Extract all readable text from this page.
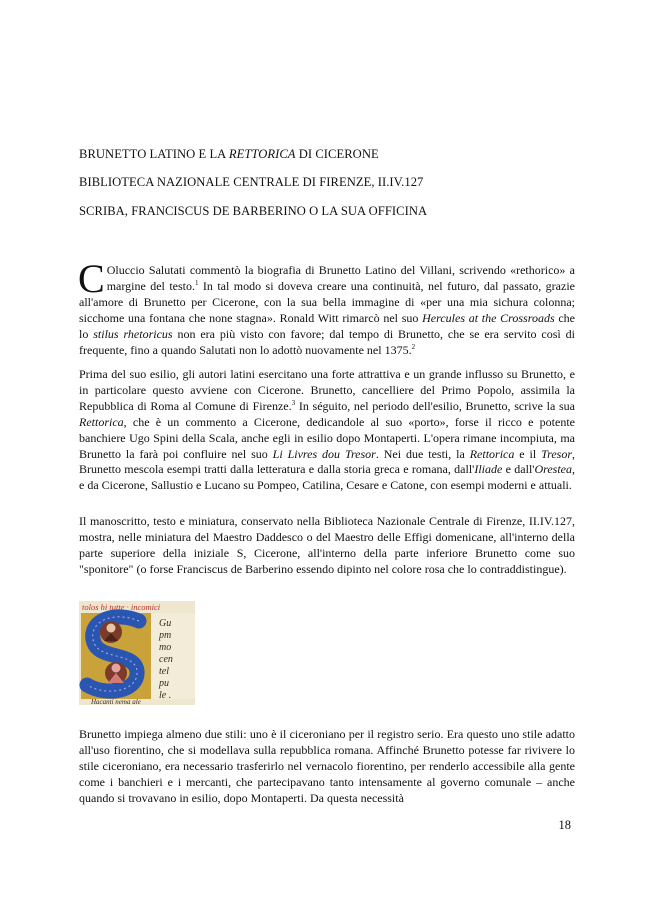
BRUNETTO LATINO E LA RETTORICA DI CICERONE
BIBLIOTECA NAZIONALE CENTRALE DI FIRENZE, II.IV.127
SCRIBA, FRANCISCUS DE BARBERINO O LA SUA OFFICINA
C Oluccio Salutati commentò la biografia di Brunetto Latino del Villani, scrivendo «rethorico» a margine del testo.$^1$ In tal modo si doveva creare una continuità, nel futuro, dal passato, grazie all'amore di Brunetto per Cicerone, con la sua bella immagine di «per una mia sichura colonna; sicchome una fontana che none stagna». Ronald Witt rimarcò nel suo Hercules at the Crossroads che lo stilus rhetoricus non era più visto con favore; dal tempo di Brunetto, che se era servito così di frequente, fino a quando Salutati non lo adottò nuovamente nel 1375.$^2$
Prima del suo esilio, gli autori latini esercitano una forte attrattiva e un grande influsso su Brunetto, e in particolare questo avviene con Cicerone. Brunetto, cancelliere del Primo Popolo, assimila la Repubblica di Roma al Comune di Firenze.$^3$ In séguito, nel periodo dell'esilio, Brunetto, scrive la sua Rettorica, che è un commento a Cicerone, dedicandole al suo «porto», forse il ricco e potente banchiere Ugo Spini della Scala, anche egli in esilio dopo Montaperti. L'opera rimane incompiuta, ma Brunetto la farà poi confluire nel suo Li Livres dou Tresor. Nei due testi, la Rettorica e il Tresor, Brunetto mescola esempi tratti dalla letteratura e dalla storia greca e romana, dall'Iliade e dall'Orestea, e da Cicerone, Sallustio e Lucano su Pompeo, Catilina, Cesare e Catone, con esempi moderni e attuali.
Il manoscritto, testo e miniatura, conservato nella Biblioteca Nazionale Centrale di Firenze, II.IV.127, mostra, nelle miniatura del Maestro Daddesco o del Maestro delle Effigi domenicane, all'interno della parte superiore della iniziale S, Cicerone, all'interno della parte inferiore Brunetto come suo "sponitore" (o forse Franciscus de Barberino essendo dipinto nel colore rosa che lo contraddistingue).
tolos hi tutte · incomici
Gu
pm
mo
cen
tel
pu
le .
Hacanti nema ale
Brunetto impiega almeno due stili: uno è il ciceroniano per il registro serio. Era questo uno stile adatto all'uso fiorentino, che si modellava sulla repubblica romana. Affinché Brunetto potesse far rivivere lo stile ciceroniano, era necessario trasferirlo nel vernacolo fiorentino, per renderlo accessibile alla gente come i banchieri e i mercanti, che partecipavano tanto intensamente al governo comunale – anche quando si trovavano in esilio, dopo Montaperti. Da questa necessità
18
